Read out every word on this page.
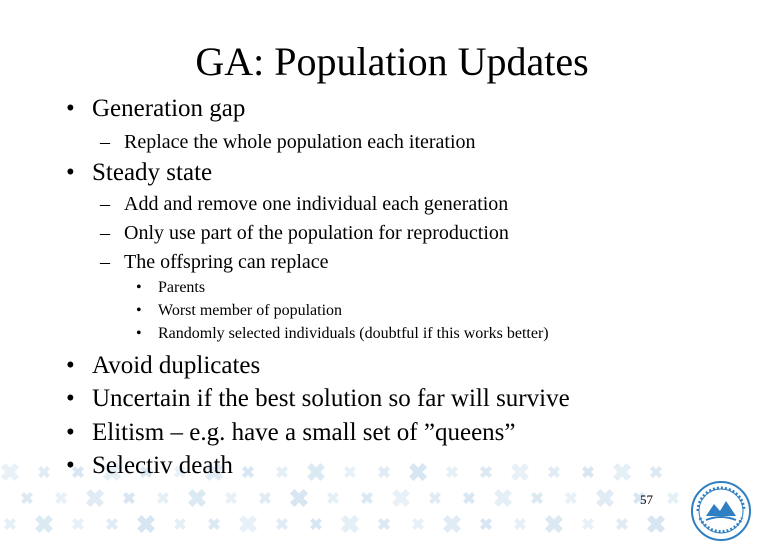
GA: Population Updates
• Generation gap
– Replace the whole population each iteration
• Steady state
– Add and remove one individual each generation
– Only use part of the population for reproduction
– The offspring can replace
• Parents
• Worst member of population
• Randomly selected individuals (doubtful if this works better)
• Avoid duplicates
• Uncertain if the best solution so far will survive
• Elitism – e.g. have a small set of ”queens”
• Selectiv death
57
